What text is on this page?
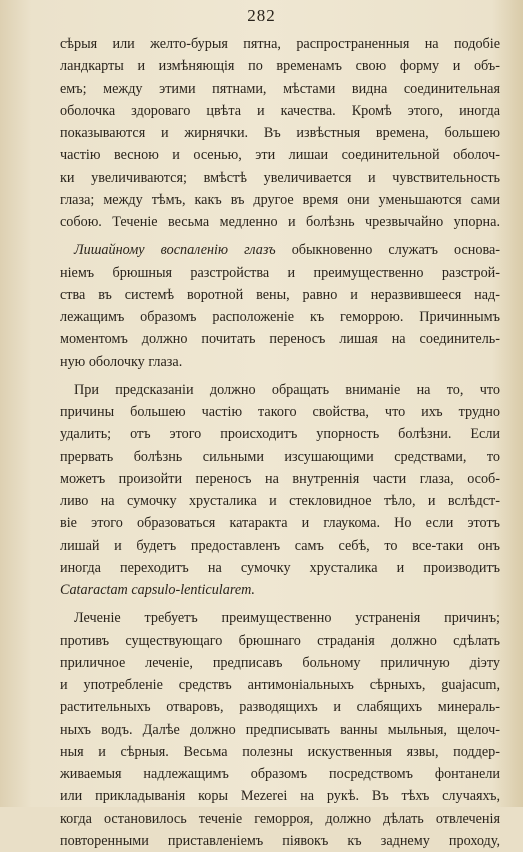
282
сѣрыя или желто-бурыя пятна, распространенныя на подобіе
ландкарты и измѣняющія по временамъ свою форму и объ-
емъ; между этими пятнами, мѣстами видна соединительная
оболочка здороваго цвѣта и качества. Кромѣ этого, иногда
показываются и жирнячки. Въ извѣстныя времена, большею
частію весною и осенью, эти лишаи соединительной оболоч-
ки увеличиваются; вмѣстѣ увеличивается и чувствительность
глаза; между тѣмъ, какъ въ другое время они уменьшаются сами
собою. Теченіе весьма медленно и болѣзнь чрезвычайно упорна.
Лишайному воспаленію глазъ обыкновенно служатъ основа-
ніемъ брюшныя разстройства и преимущественно разстрой-
ства въ системѣ воротной вены, равно и неразвившееся над-
лежащимъ образомъ расположеніе къ геморрою. Причиннымъ
моментомъ должно почитать переносъ лишая на соединитель-
ную оболочку глаза.
При предсказаніи должно обращать вниманіе на то, что
причины большею частію такого свойства, что ихъ трудно
удалить; отъ этого происходитъ упорность болѣзни. Если
прервать болѣзнь сильными изсушающими средствами, то
можетъ произойти переносъ на внутреннія части глаза, особ-
ливо на сумочку хрусталика и стекловидное тѣло, и вслѣдст-
віе этого образоваться катаракта и глаукома. Но если этотъ
лишай и будетъ предоставленъ самъ себѣ, то все-таки онъ
иногда переходитъ на сумочку хрусталика и производитъ
Cataractam capsulo-lenticularem.
Леченіе требуетъ преимущественно устраненія причинъ;
противъ существующаго брюшнаго страданія должно сдѣлать
приличное леченіе, предписавъ больному приличную діэту
и употребленіе средствъ антимоніальныхъ сѣрныхъ, guajacum,
растительныхъ отваровъ, разводящихъ и слабящихъ минераль-
ныхъ водъ. Далѣе должно предписывать ванны мыльныя, щелоч-
ныя и сѣрныя. Весьма полезны искуственныя язвы, поддер-
живаемыя надлежащимъ образомъ посредствомъ фонтанели
или прикладыванія коры Mezerei на рукѣ. Въ тѣхъ случаяхъ,
когда остановилось теченіе геморроя, должно дѣлать отвлеченія
повторенными приставленіемъ піявокъ къ заднему проходу,
